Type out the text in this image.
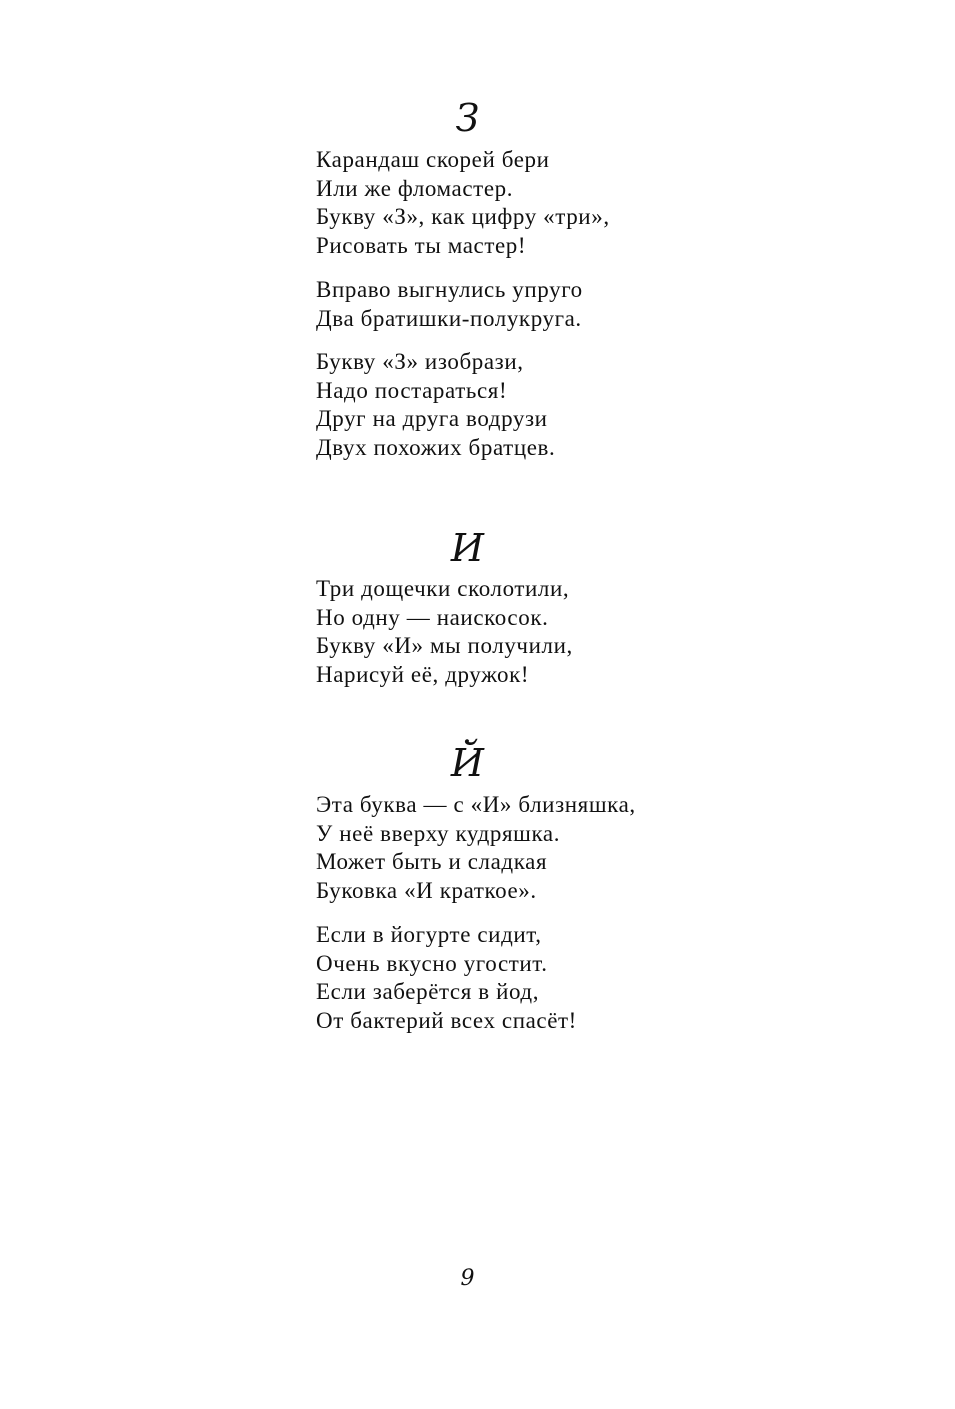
З
Карандаш скорей бери
Или же фломастер.
Букву «З», как цифру «три»,
Рисовать ты мастер!
Вправо выгнулись упруго
Два братишки-полукруга.
Букву «З» изобрази,
Надо постараться!
Друг на друга водрузи
Двух похожих братцев.
И
Три дощечки сколотили,
Но одну — наискосок.
Букву «И» мы получили,
Нарисуй её, дружок!
Й
Эта буква — с «И» близняшка,
У неё вверху кудряшка.
Может быть и сладкая
Буковка «И краткое».
Если в йогурте сидит,
Очень вкусно угостит.
Если заберётся в йод,
От бактерий всех спасёт!
9
